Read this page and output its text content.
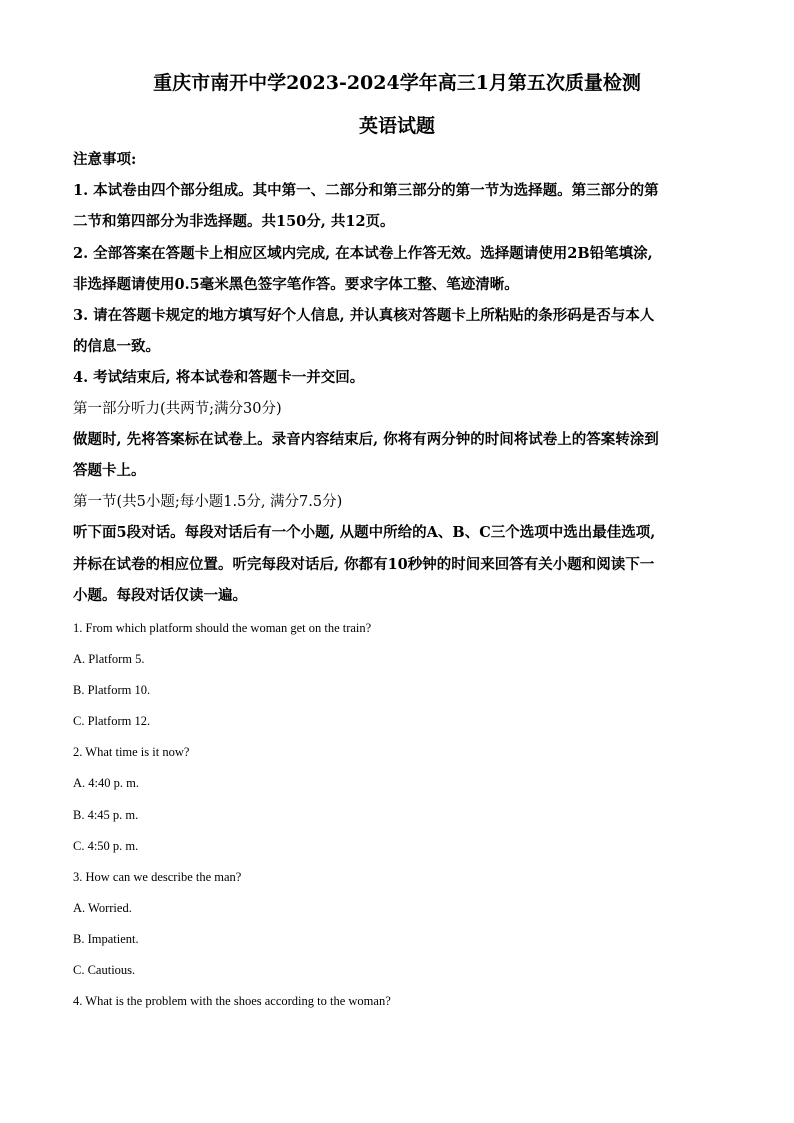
重庆市南开中学2023-2024学年高三1月第五次质量检测
英语试题
注意事项:
1. 本试卷由四个部分组成。其中第一、二部分和第三部分的第一节为选择题。第三部分的第
二节和第四部分为非选择题。共150分, 共12页。
2. 全部答案在答题卡上相应区域内完成, 在本试卷上作答无效。选择题请使用2B铅笔填涂,
非选择题请使用0.5毫米黑色签字笔作答。要求字体工整、笔迹清晰。
3. 请在答题卡规定的地方填写好个人信息, 并认真核对答题卡上所粘贴的条形码是否与本人
的信息一致。
4. 考试结束后, 将本试卷和答题卡一并交回。
第一部分听力(共两节;满分30分)
做题时, 先将答案标在试卷上。录音内容结束后, 你将有两分钟的时间将试卷上的答案转涂到
答题卡上。
第一节(共5小题;每小题1.5分, 满分7.5分)
听下面5段对话。每段对话后有一个小题, 从题中所给的A、B、C三个选项中选出最佳选项,
并标在试卷的相应位置。听完每段对话后, 你都有10秒钟的时间来回答有关小题和阅读下一
小题。每段对话仅读一遍。
1. From which platform should the woman get on the train?
A. Platform 5.
B. Platform 10.
C. Platform 12.
2. What time is it now?
A. 4:40 p. m.
B. 4:45 p. m.
C. 4:50 p. m.
3. How can we describe the man?
A. Worried.
B. Impatient.
C. Cautious.
4. What is the problem with the shoes according to the woman?
